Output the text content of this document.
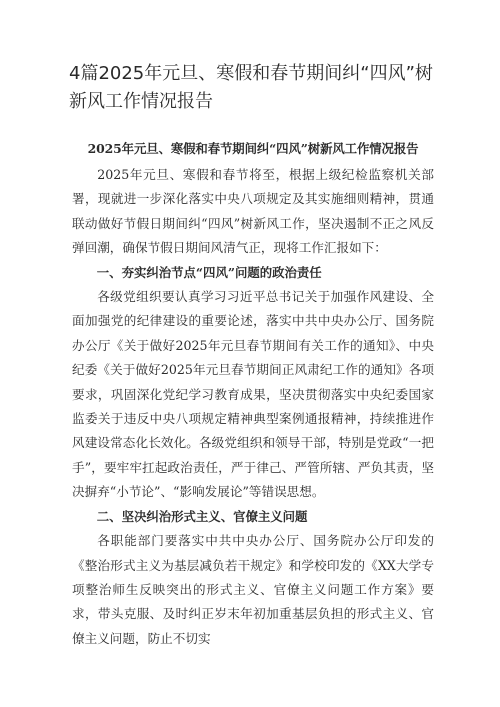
4篇2025年元旦、寒假和春节期间纠“四风”树新风工作情况报告

2025年元旦、寒假和春节期间纠“四风”树新风工作情况报告

2025年元旦、寒假和春节将至，根据上级纪检监察机关部署，现就进一步深化落实中央八项规定及其实施细则精神，贯通联动做好节假日期间纠“四风”树新风工作，坚决遏制不正之风反弹回潮，确保节假日期间风清气正，现将工作汇报如下：

一、夯实纠治节点“四风”问题的政治责任

各级党组织要认真学习习近平总书记关于加强作风建设、全面加强党的纪律建设的重要论述，落实中共中央办公厅、国务院办公厅《关于做好2025年元旦春节期间有关工作的通知》、中央纪委《关于做好2025年元旦春节期间正风肃纪工作的通知》各项要求，巩固深化党纪学习教育成果，坚决贯彻落实中央纪委国家监委关于违反中央八项规定精神典型案例通报精神，持续推进作风建设常态化长效化。各级党组织和领导干部，特别是党政“一把手”，要牢牢扛起政治责任，严于律己、严管所辖、严负其责，坚决摒弃“小节论”、“影响发展论”等错误思想。

二、坚决纠治形式主义、官僚主义问题

各职能部门要落实中共中央办公厅、国务院办公厅印发的《整治形式主义为基层减负若干规定》和学校印发的《XX大学专项整治师生反映突出的形式主义、官僚主义问题工作方案》要求，带头克服、及时纠正岁末年初加重基层负担的形式主义、官僚主义问题，防止不切实
